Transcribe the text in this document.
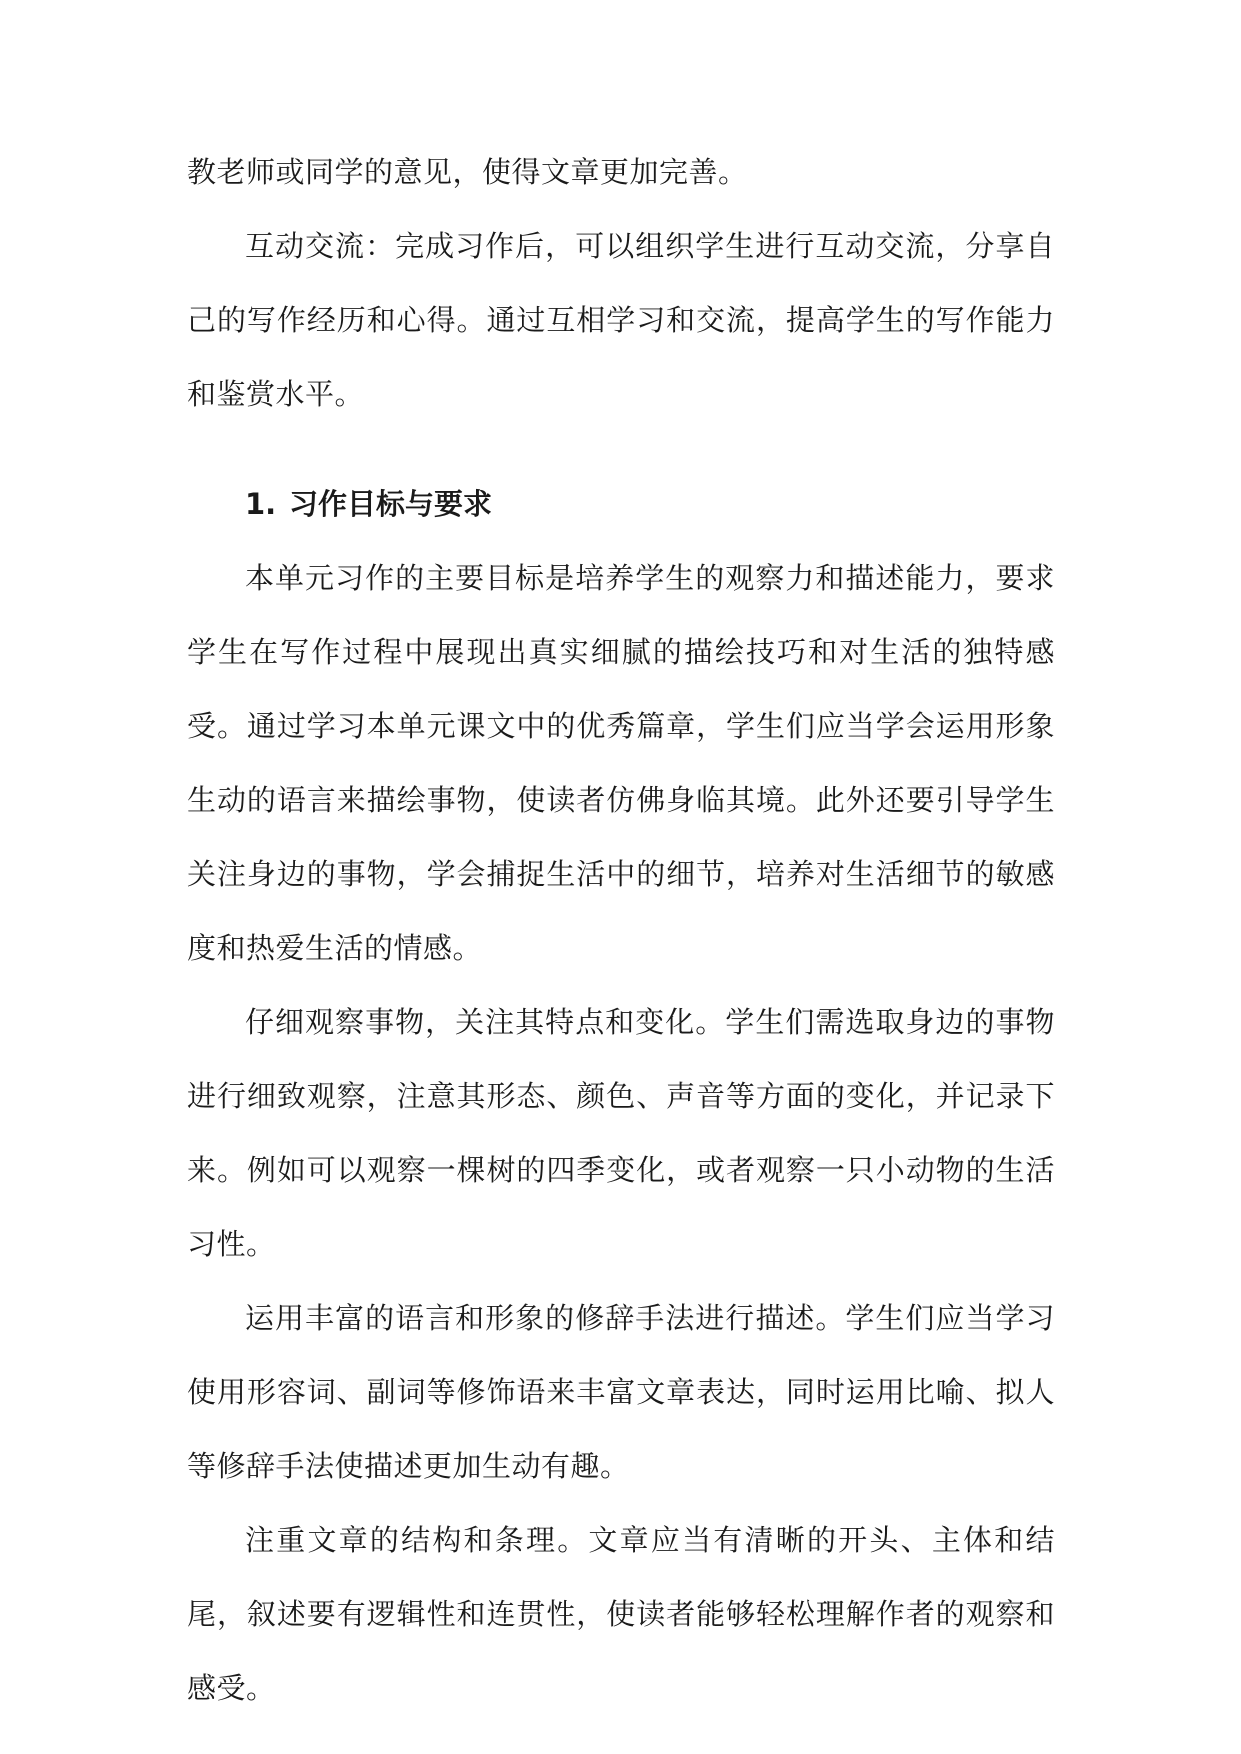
教老师或同学的意见，使得文章更加完善。

互动交流：完成习作后，可以组织学生进行互动交流，分享自己的写作经历和心得。通过互相学习和交流，提高学生的写作能力和鉴赏水平。

1. 习作目标与要求

本单元习作的主要目标是培养学生的观察力和描述能力，要求学生在写作过程中展现出真实细腻的描绘技巧和对生活的独特感受。通过学习本单元课文中的优秀篇章，学生们应当学会运用形象生动的语言来描绘事物，使读者仿佛身临其境。此外还要引导学生关注身边的事物，学会捕捉生活中的细节，培养对生活细节的敏感度和热爱生活的情感。

仔细观察事物，关注其特点和变化。学生们需选取身边的事物进行细致观察，注意其形态、颜色、声音等方面的变化，并记录下来。例如可以观察一棵树的四季变化，或者观察一只小动物的生活习性。

运用丰富的语言和形象的修辞手法进行描述。学生们应当学习使用形容词、副词等修饰语来丰富文章表达，同时运用比喻、拟人等修辞手法使描述更加生动有趣。

注重文章的结构和条理。文章应当有清晰的开头、主体和结尾，叙述要有逻辑性和连贯性，使读者能够轻松理解作者的观察和感受。
